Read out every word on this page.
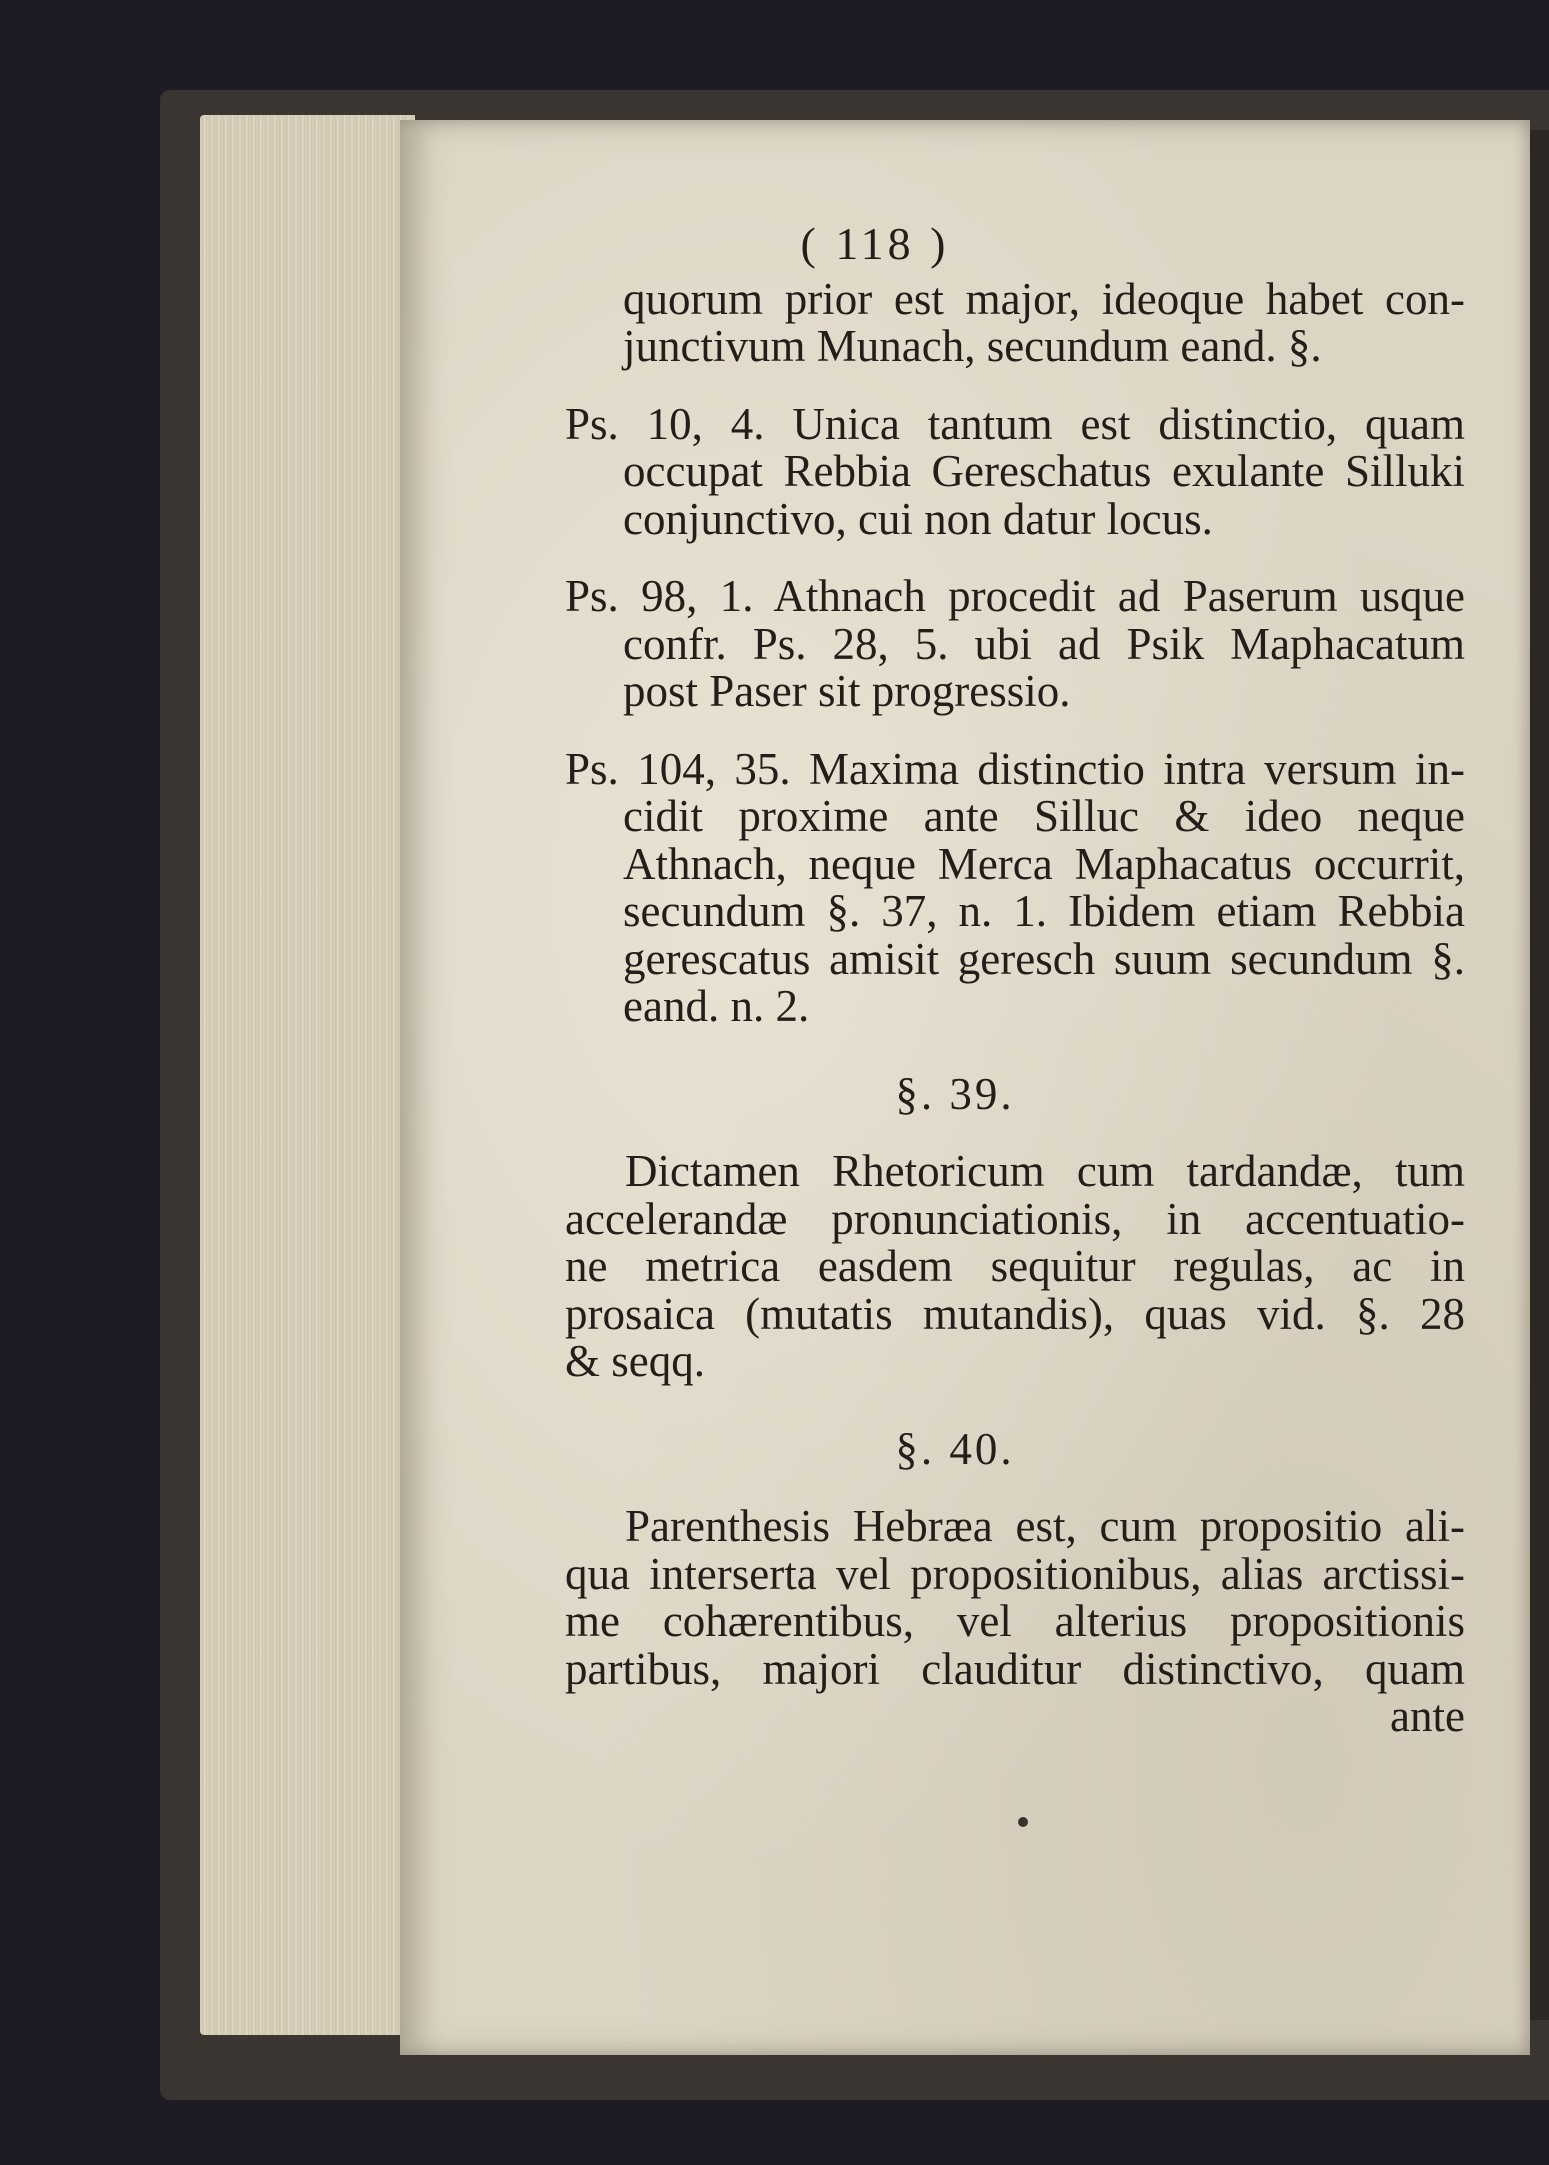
( 118 )
quorum prior est major, ideoque habet con-
junctivum Munach, secundum eand. §.
Ps. 10, 4. Unica tantum est distinctio, quam
occupat Rebbia Gereschatus exulante Silluki
conjunctivo, cui non datur locus.
Ps. 98, 1. Athnach procedit ad Paserum usque
confr. Ps. 28, 5. ubi ad Psik Maphacatum
post Paser sit progressio.
Ps. 104, 35. Maxima distinctio intra versum in-
cidit proxime ante Silluc & ideo neque
Athnach, neque Merca Maphacatus occurrit,
secundum §. 37, n. 1. Ibidem etiam Rebbia
gerescatus amisit geresch suum secundum §.
eand. n. 2.
§. 39.
Dictamen Rhetoricum cum tardandæ, tum
accelerandæ pronunciationis, in accentuatio-
ne metrica easdem sequitur regulas, ac in
prosaica (mutatis mutandis), quas vid. §. 28
& seqq.
§. 40.
Parenthesis Hebræa est, cum propositio ali-
qua interserta vel propositionibus, alias arctissi-
me cohærentibus, vel alterius propositionis
partibus, majori clauditur distinctivo, quam
ante
